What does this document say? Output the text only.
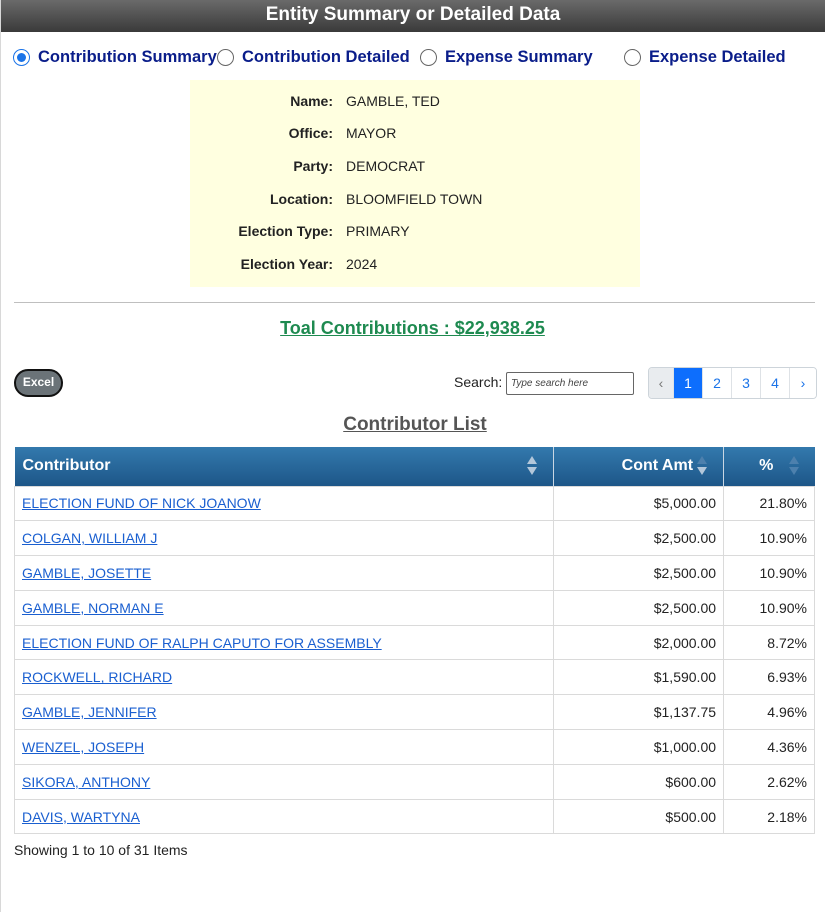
Entity Summary or Detailed Data
Contribution Summary Contribution Detailed Expense Summary	Expense Detailed
Name: GAMBLE, TED
Office: MAYOR
Party: DEMOCRAT
Location: BLOOMFIELD TOWN
Election Type: PRIMARY
Election Year: 2024
Toal Contributions : $22,938.25
Excel	Search:
Type search here	‹	1	2	3	4	›
Contributor List
Contributor	Cont Amt	%

ELECTION FUND OF NICK JOANOW	$5,000.00	21.80%
COLGAN, WILLIAM J	$2,500.00	10.90%
GAMBLE, JOSETTE	$2,500.00	10.90%
GAMBLE, NORMAN E	$2,500.00	10.90%
ELECTION FUND OF RALPH CAPUTO FOR ASSEMBLY	$2,000.00	8.72%
ROCKWELL, RICHARD	$1,590.00	6.93%
GAMBLE, JENNIFER	$1,137.75	4.96%
WENZEL, JOSEPH	$1,000.00	4.36%
SIKORA, ANTHONY	$600.00	2.62%
DAVIS, WARTYNA	$500.00	2.18%
Showing 1 to 10 of 31 Items
